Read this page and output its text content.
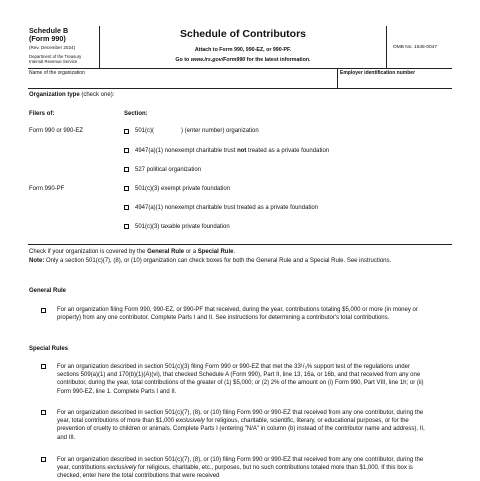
Schedule B
(Form 990)
(Rev. December 2024)
Department of the Treasury
Internal Revenue Service
Schedule of Contributors
Attach to Form 990, 990-EZ, or 990-PF.
Go to www.irs.gov/Form990 for the latest information.
OMB No. 1545-0047
Name of the organization	Employer identification number
Organization type (check one):
Filers of:	Section:
Form 990 or 990-EZ	501(c)(	) (enter number) organization
4947(a)(1) nonexempt charitable trust not treated as a private foundation
527 political organization
Form 990-PF	501(c)(3) exempt private foundation
4947(a)(1) nonexempt charitable trust treated as a private foundation
501(c)(3) taxable private foundation
Check if your organization is covered by the General Rule or a Special Rule.
Note: Only a section 501(c)(7), (8), or (10) organization can check boxes for both the General Rule and a Special Rule. See instructions.
General Rule
For an organization filing Form 990, 990-EZ, or 990-PF that received, during the year, contributions totaling $5,000 or more (in money or property) from any one contributor. Complete Parts I and II. See instructions for determining a contributor's total contributions.
Special Rules
For an organization described in section 501(c)(3) filing Form 990 or 990-EZ that met the 33¹/₃% support test of the regulations under sections 509(a)(1) and 170(b)(1)(A)(vi), that checked Schedule A (Form 990), Part II, line 13, 16a, or 16b, and that received from any one contributor, during the year, total contributions of the greater of (1) $5,000; or (2) 2% of the amount on (i) Form 990, Part VIII, line 1h; or (ii) Form 990-EZ, line 1. Complete Parts I and II.
For an organization described in section 501(c)(7), (8), or (10) filing Form 990 or 990-EZ that received from any one contributor, during the year, total contributions of more than $1,000 exclusively for religious, charitable, scientific, literary, or educational purposes, or for the prevention of cruelty to children or animals. Complete Parts I (entering "N/A" in column (b) instead of the contributor name and address), II, and III.
For an organization described in section 501(c)(7), (8), or (10) filing Form 990 or 990-EZ that received from any one contributor, during the year, contributions exclusively for religious, charitable, etc., purposes, but no such contributions totaled more than $1,000. If this box is checked, enter here the total contributions that were received
